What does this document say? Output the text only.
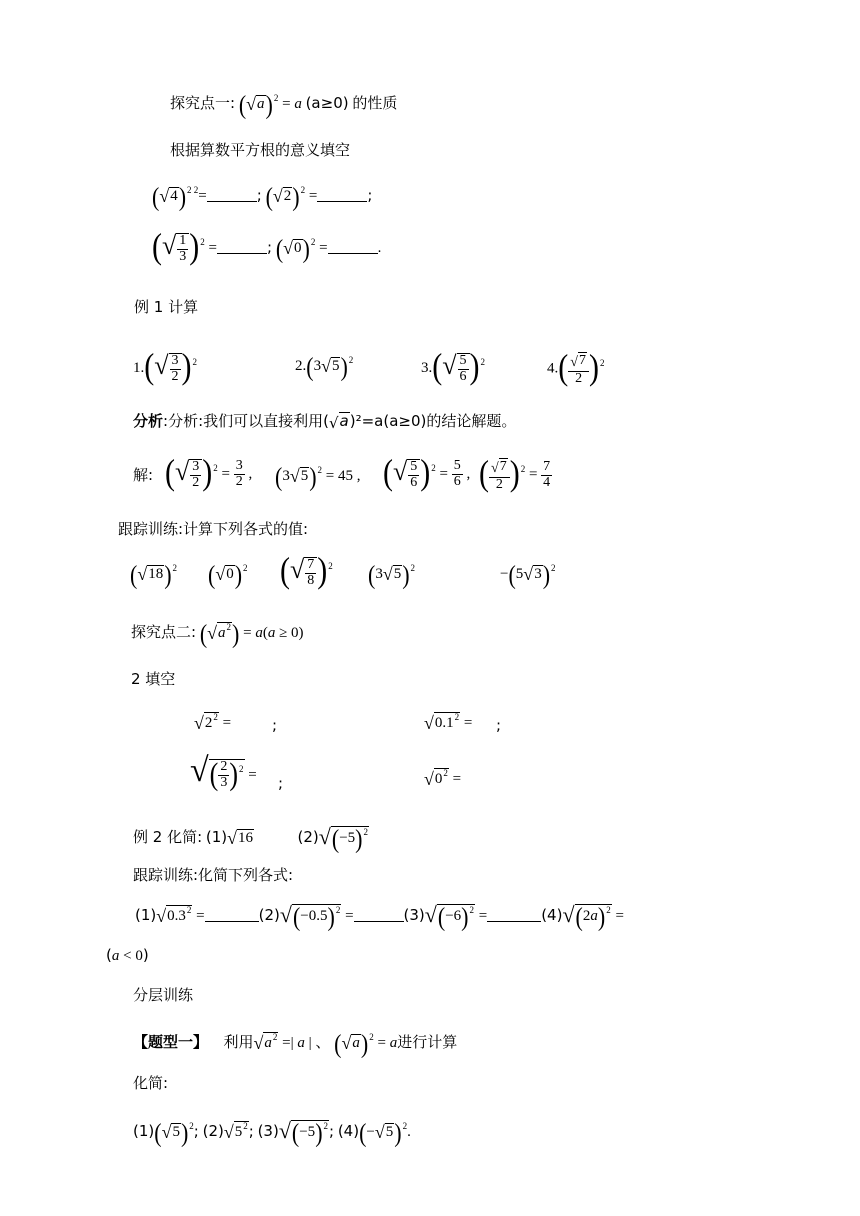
探究点一: $(√a)^2 = a$ (a≥0) 的性质
根据算数平方根的意义填空
$(√4)^{2 2}=$	; $(√2)^2$ =	;
(√ $\frac{1}{3} )^2$ =	; $(√0)^2$ =	.
例 1 计算
$1.(√ \frac{3}{2} )^2$	$2.(3√5)^2$	$3.(√ \frac{5}{6} )^2$	$4.( \frac{√7}{2} )^2$
分析:分析:我们可以直接利用(√a)²=a(a≥0)的结论解题。
解: (√ $\frac{3}{2} )^2 = \frac{3}{2}$ , $(3√5)^2 = 45$ , (√ $\frac{5}{6} )^2 = \frac{5}{6}$ , ( $\frac{√7}{2} )^2 = \frac{7}{4}$
跟踪训练:计算下列各式的值:
$(√18)^2$ $(√0)^2$ (√ $\frac{7}{8} )^2$ $(3√5)^2$	$-(5√3)^2$
探究点二: $(√a^2) = a(a \ge 0)$
2 填空
$√2^2$ =	;	$√0.1^2$ = ;
√( $\frac{2}{3} )^2$ = ;	$√0^2$ =
例 2 化简: (1)√16	$(2)√(-5)^2$
跟踪训练:化简下列各式:
$(1)√0.3^2$ =	$(2)√(-0.5)^2$ =	$(3)√(-6)^2$ =	$(4)√(2a)^2$ =
(a < 0)
分层训练
【题型一】 利用$√a^2$ =| a | 、 $(√a)^2 = a$进行计算
化简:
$(1)(√5)^2$; $(2)√5^2$; $(3)√(-5)^2$; $(4)(-√5)^2$.
